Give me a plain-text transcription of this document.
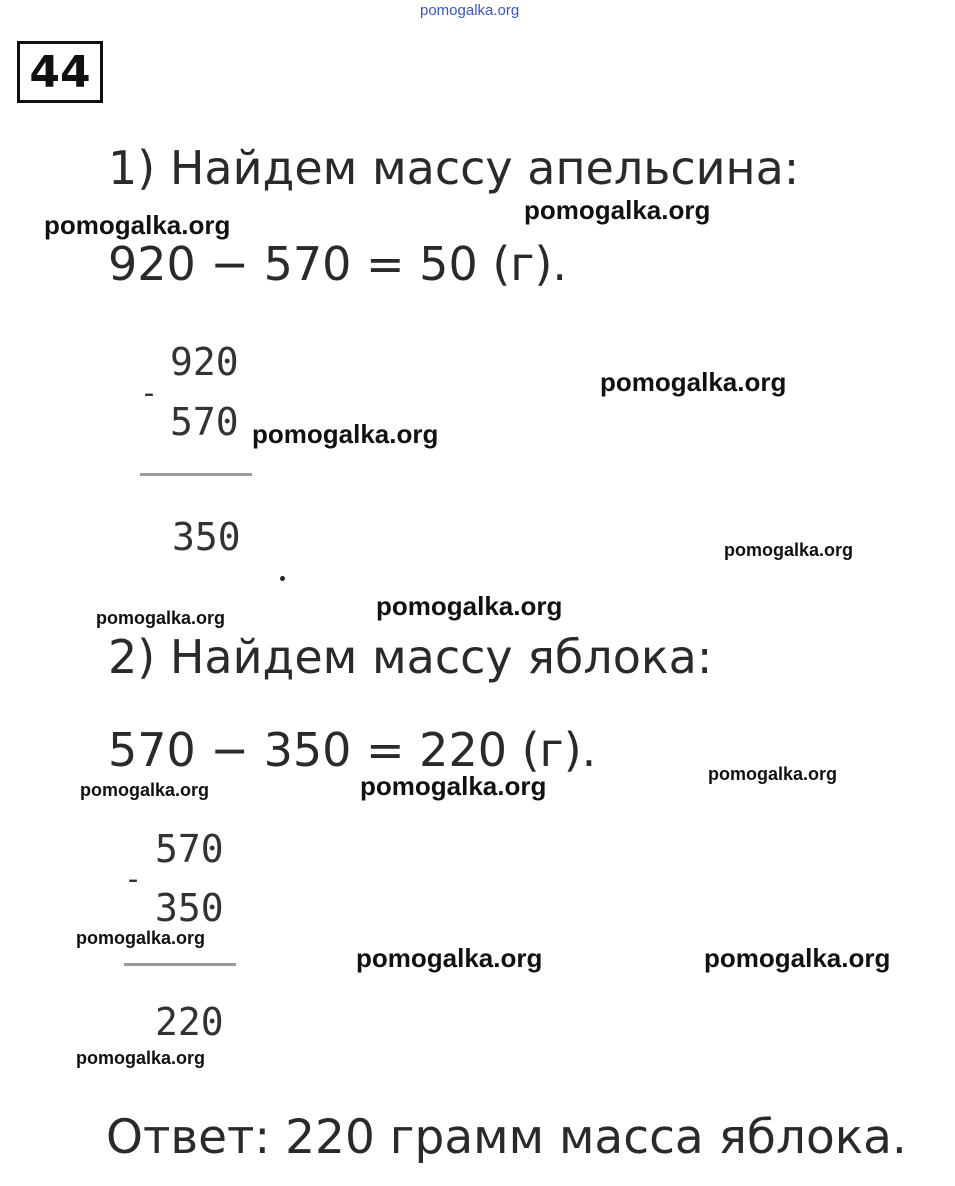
pomogalka.org
44
1) Найдем массу апельсина:
920 − 570 = 50 (г).
920
-
570
350
2) Найдем массу яблока:
570 − 350 = 220 (г).
570
-
350
220
Ответ: 220 грамм масса яблока.
pomogalka.org	pomogalka.org
pomogalka.org
pomogalka.org
pomogalka.org
pomogalka.org	pomogalka.org
pomogalka.org
pomogalka.org	pomogalka.org
pomogalka.org
pomogalka.org	pomogalka.org
pomogalka.org
